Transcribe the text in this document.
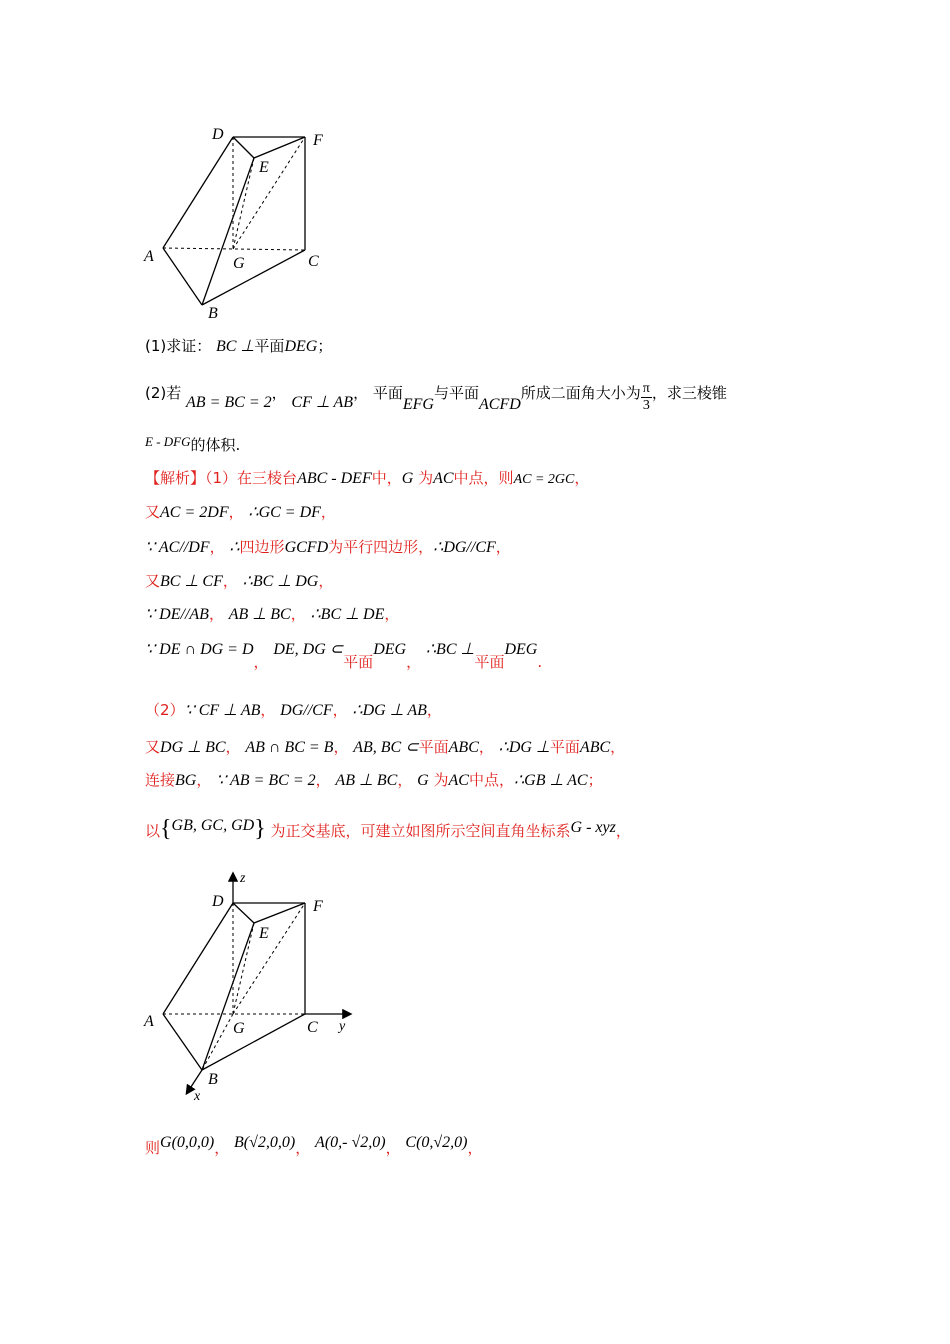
D	F
E
A	G	C
B
(1)求证： BC ⊥平面DEG；
(2)若 AB = BC = 2， CF ⊥ AB， 平面EFG与平面ACFD所成二面角大小为 $\frac{\pi}{3}$ ，求三棱锥
E - DFG的体积.
【解析】（1）在三棱台ABC - DEF中，G 为AC中点，则AC = 2GC，
又AC = 2DF， ∴GC = DF，
∵ AC//DF， ∴四边形GCFD为平行四边形，∴DG//CF，
又BC ⊥ CF， ∴BC ⊥ DG，
∵ DE//AB， AB ⊥ BC， ∴BC ⊥ DE，
∵ DE ∩ DG = D， DE, DG ⊂平面DEG， ∴BC ⊥平面DEG.
（2）∵ CF ⊥ AB， DG//CF， ∴DG ⊥ AB，
又DG ⊥ BC， AB ∩ BC = B， AB, BC ⊂平面ABC， ∴DG ⊥平面ABC，
连接BG， ∵ AB = BC = 2， AB ⊥ BC， G 为AC中点，∴GB ⊥ AC；
以{GB, GC, GD} 为正交基底，可建立如图所示空间直角坐标系G - xyz，
z
D	F
E
A	G	C y
B
x
则G(0,0,0)， B(√2,0,0)， A(0,- √2,0)， C(0,√2,0)，
